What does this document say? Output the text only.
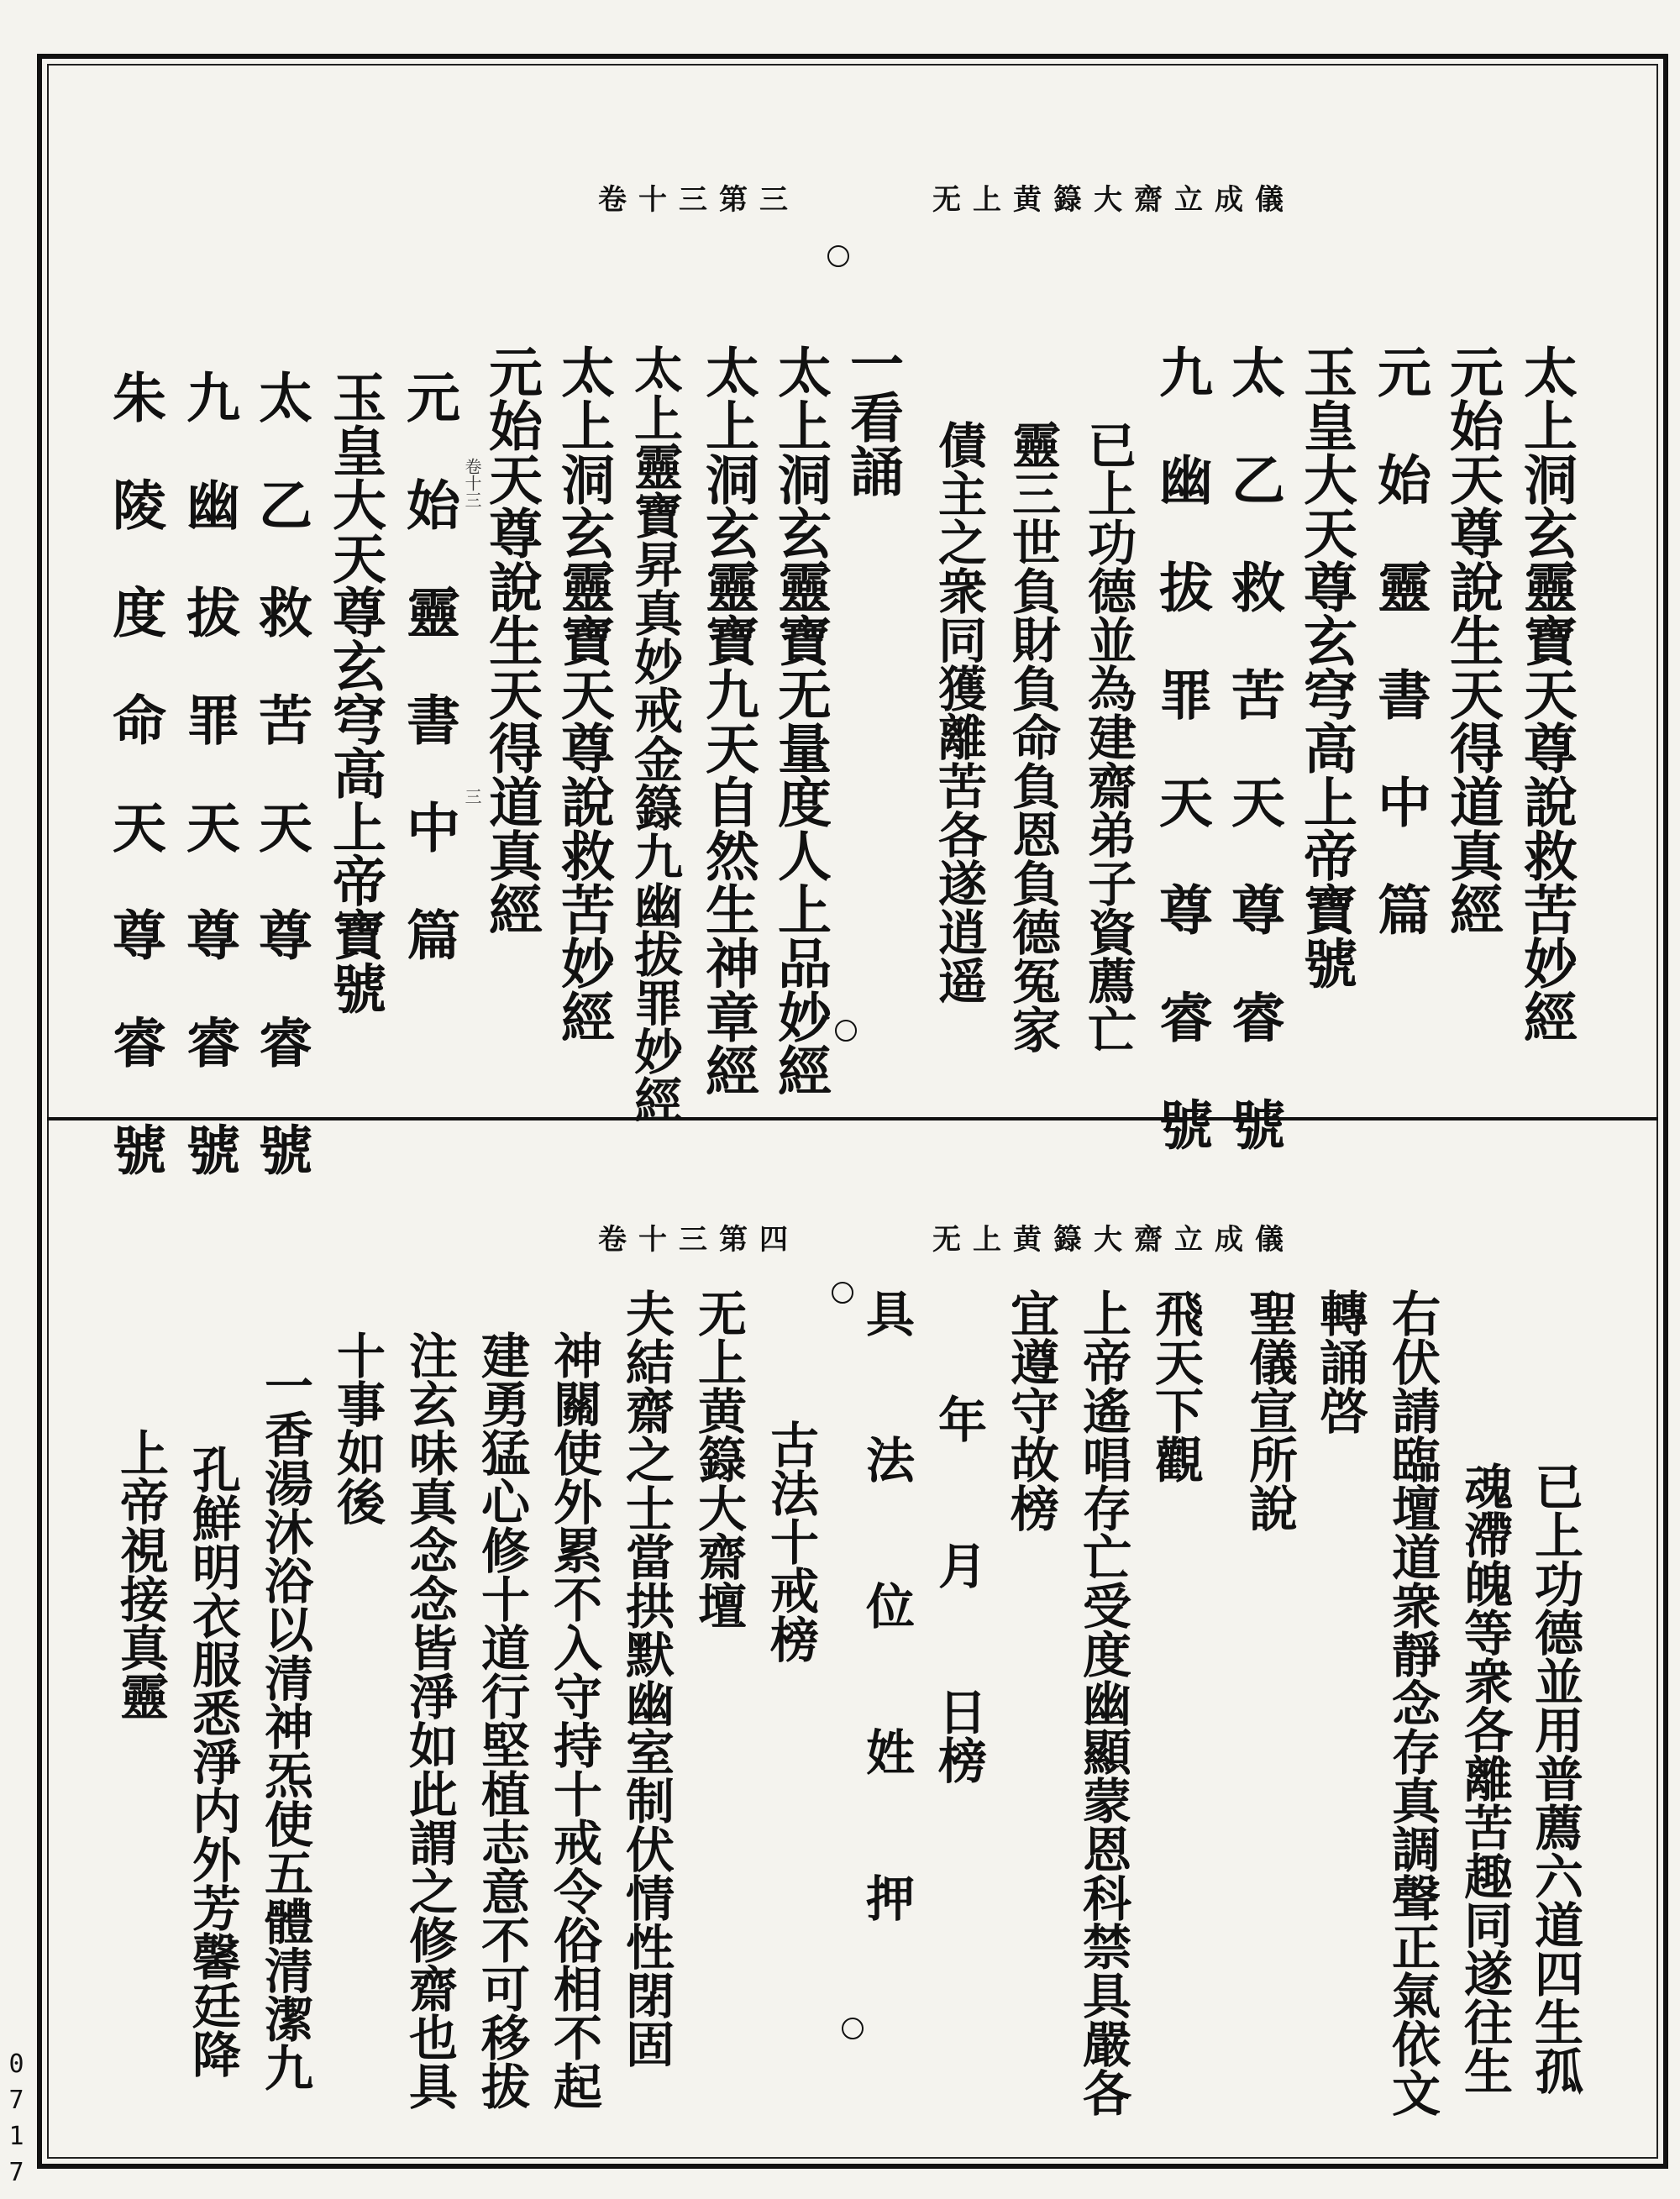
无上黄籙大齋立成儀
卷十三第三
太上洞玄靈寶天尊說救苦妙經
元始天尊說生天得道真經
元　始　靈　書　中　篇
玉皇大天尊玄穹高上帝寶號
太　乙　救　苦　天　尊　睿　號
九　幽　拔　罪　天　尊　睿　號
已上功德並為建齋弟子資薦亡
靈三世負財負命負恩負德冤家
債主之衆同獲離苦各遂逍遥
一看誦
太上洞玄靈寶无量度人上品妙經
太上洞玄靈寶九天自然生神章經
太上靈寶昇真妙戒金籙九幽拔罪妙經
太上洞玄靈寶天尊說救苦妙經
元始天尊說生天得道真經
元　始　靈　書　中　篇
玉皇大天尊玄穹高上帝寶號
太　乙　救　苦　天　尊　睿　號
九　幽　拔　罪　天　尊　睿　號
朱　陵　度　命　天　尊　睿　號	卷十三
三
无上黄籙大齋立成儀
卷十三第四
已上功德並用普薦六道四生孤
魂滯魄等衆各離苦趣同遂往生
右伏請臨壇道衆靜念存真調聲正氣依文
轉誦啓
聖儀宣所說
飛天下觀
上帝遙唱存亡受度幽顯蒙恩科禁具嚴各
宜遵守故榜
年　　月　　日榜
具　　法　　位　　姓　　押
古法十戒榜
无上黄籙大齋壇
夫結齋之士當拱默幽室制伏情性閉固
神關使外累不入守持十戒令俗相不起
建勇猛心修十道行堅植志意不可移拔
注玄味真念念皆淨如此謂之修齋也具
十事如後
一香湯沐浴以清神炁使五體清潔九
孔鮮明衣服悉淨内外芳馨廷降
上帝視接真靈
0717
